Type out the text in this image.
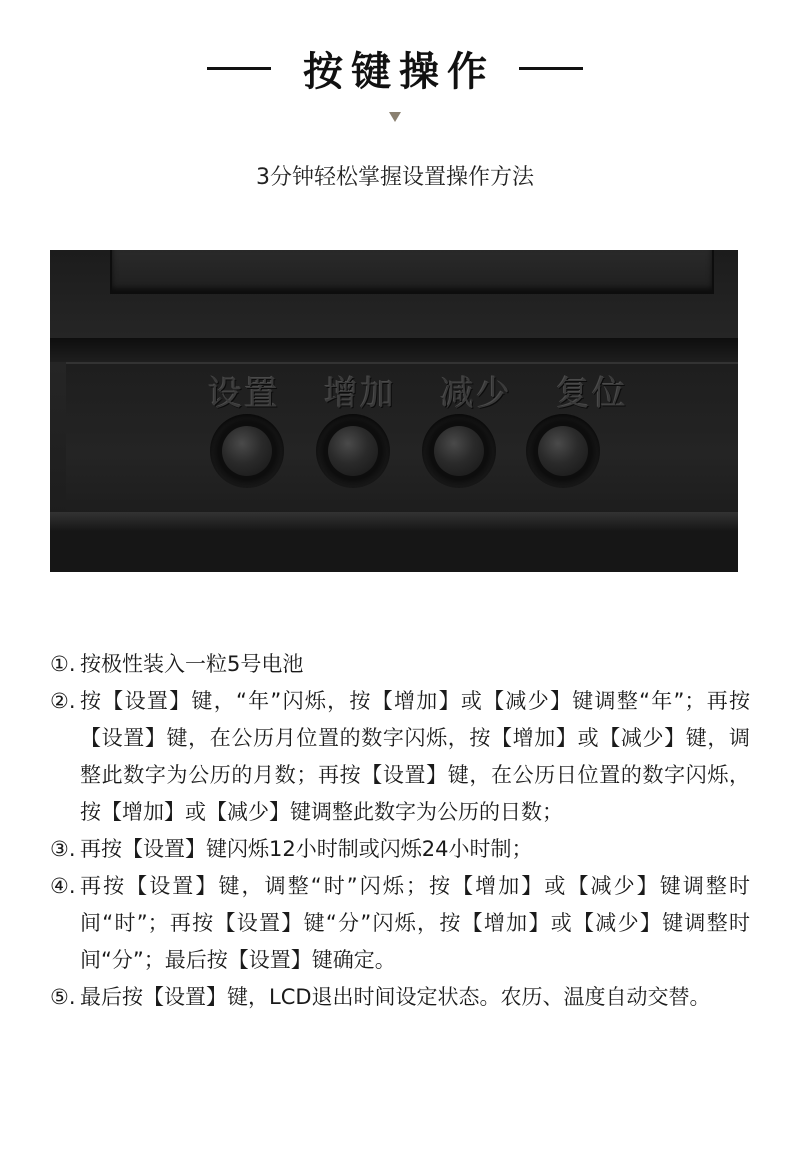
按键操作
3分钟轻松掌握设置操作方法
设置 增加 减少 复位
①. 按极性装入一粒5号电池
②. 按【设置】键，“年”闪烁，按【增加】或【减少】键调整“年”；再按【设置】键，在公历月位置的数字闪烁，按【增加】或【减少】键，调整此数字为公历的月数；再按【设置】键，在公历日位置的数字闪烁，按【增加】或【减少】键调整此数字为公历的日数；
③. 再按【设置】键闪烁12小时制或闪烁24小时制；
④. 再按【设置】键，调整“时”闪烁；按【增加】或【减少】键调整时间“时”；再按【设置】键“分”闪烁，按【增加】或【减少】键调整时间“分”；最后按【设置】键确定。
⑤. 最后按【设置】键，LCD退出时间设定状态。农历、温度自动交替。
